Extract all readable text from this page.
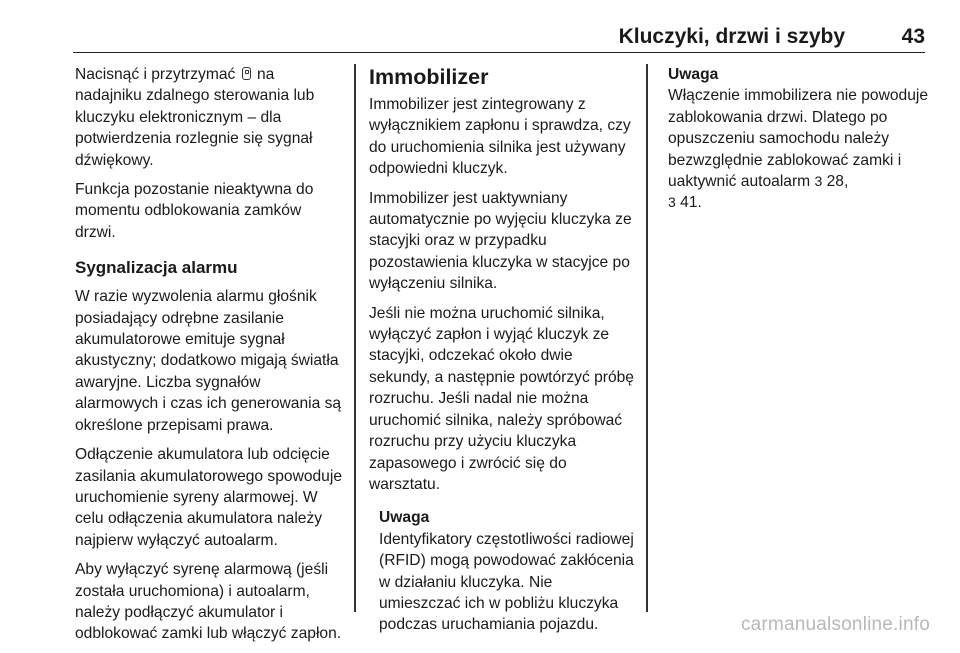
Kluczyki, drzwi i szyby	43

Nacisnąć i przytrzymać  na nadajniku zdalnego sterowania lub kluczyku elektronicznym – dla potwierdzenia rozlegnie się sygnał dźwiękowy.

Funkcja pozostanie nieaktywna do momentu odblokowania zamków drzwi.

Sygnalizacja alarmu

W razie wyzwolenia alarmu głośnik posiadający odrębne zasilanie akumulatorowe emituje sygnał akustyczny; dodatkowo migają światła awaryjne. Liczba sygnałów alarmowych i czas ich generowania są określone przepisami prawa.

Odłączenie akumulatora lub odcięcie zasilania akumulatorowego spowoduje uruchomienie syreny alarmowej. W celu odłączenia akumulatora należy najpierw wyłączyć autoalarm.

Aby wyłączyć syrenę alarmową (jeśli została uruchomiona) i autoalarm, należy podłączyć akumulator i odblokować zamki lub włączyć zapłon.

Immobilizer

Immobilizer jest zintegrowany z wyłącznikiem zapłonu i sprawdza, czy do uruchomienia silnika jest używany odpowiedni kluczyk.

Immobilizer jest uaktywniany automatycznie po wyjęciu kluczyka ze stacyjki oraz w przypadku pozostawienia kluczyka w stacyjce po wyłączeniu silnika.

Jeśli nie można uruchomić silnika, wyłączyć zapłon i wyjąć kluczyk ze stacyjki, odczekać około dwie sekundy, a następnie powtórzyć próbę rozruchu. Jeśli nadal nie można uruchomić silnika, należy spróbować rozruchu przy użyciu kluczyka zapasowego i zwrócić się do warsztatu.

Uwaga
Identyfikatory częstotliwości radiowej (RFID) mogą powodować zakłócenia w działaniu kluczyka. Nie umieszczać ich w pobliżu kluczyka podczas uruchamiania pojazdu.
Uwaga
Włączenie immobilizera nie powoduje zablokowania drzwi. Dlatego po opuszczeniu samochodu należy bezwzględnie zablokować zamki i uaktywnić autoalarm 3 28,
3 41.
carmanualsonline.info
